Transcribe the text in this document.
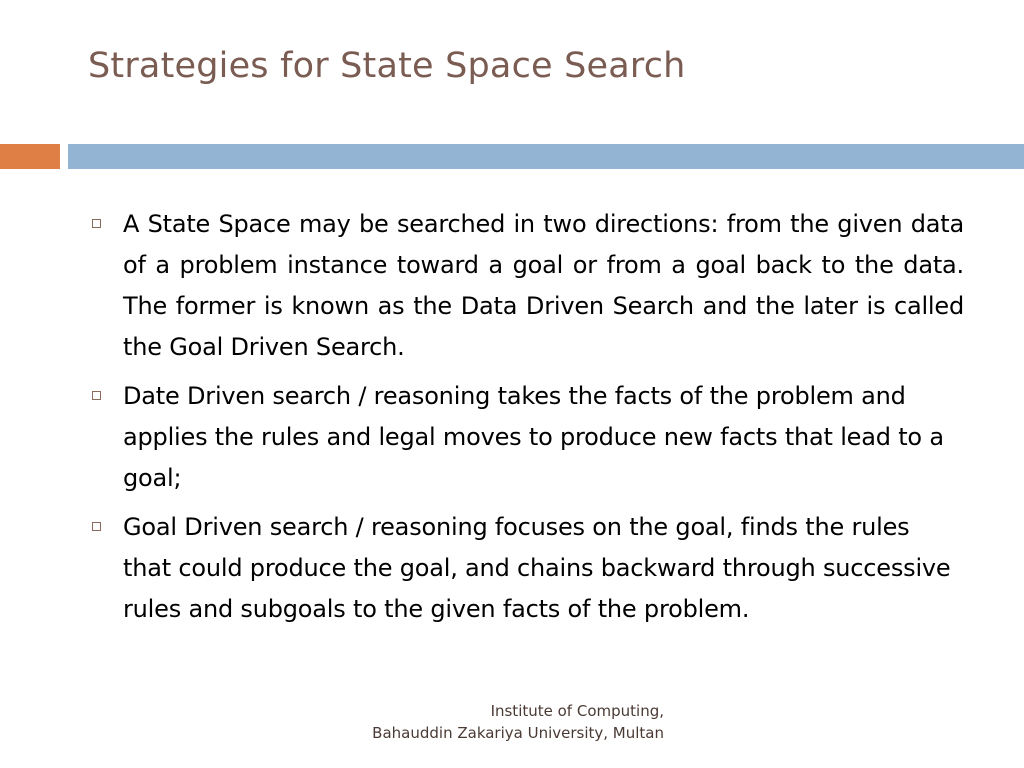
Strategies for State Space Search
A State Space may be searched in two directions: from the given data of a problem instance toward a goal or from a goal back to the data. The former is known as the Data Driven Search and the later is called the Goal Driven Search.
Date Driven search / reasoning takes the facts of the problem and applies the rules and legal moves to produce new facts that lead to a goal;
Goal Driven search / reasoning focuses on the goal, finds the rules that could produce the goal, and chains backward through successive rules and subgoals to the given facts of the problem.
Institute of Computing,
Bahauddin Zakariya University, Multan
